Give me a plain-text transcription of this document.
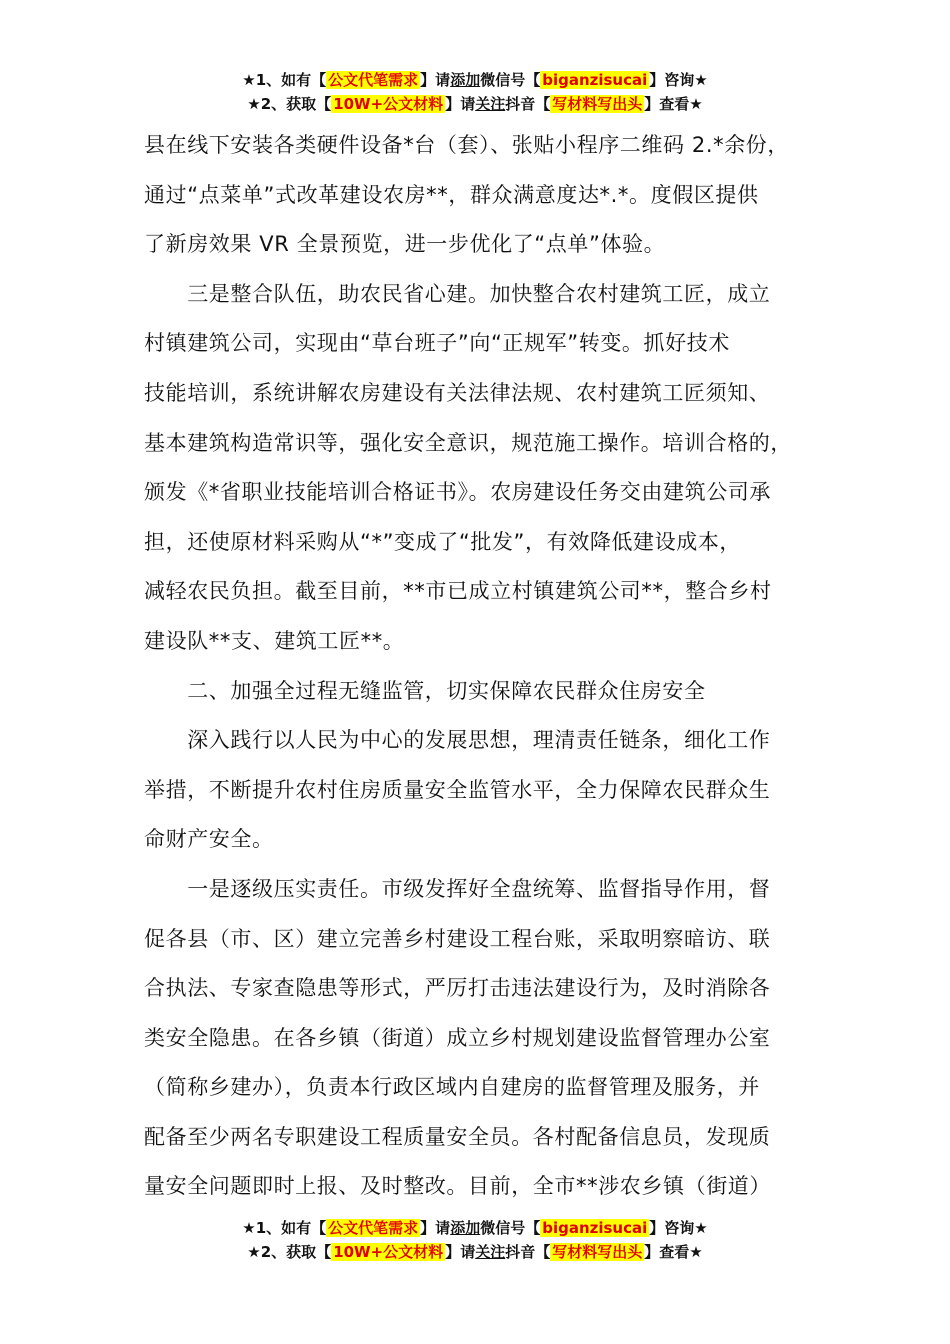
★1、如有【 公文代笔需求 】请添加微信号【 biganzisucai 】咨询★
★2、获取【 10W+公文材料 】请关注抖音【 写材料写出头 】查看★

县在线下安装各类硬件设备*台（套）、张贴小程序二维码 2.*余份，

通过“点菜单”式改革建设农房**，群众满意度达*.*。度假区提供

了新房效果 VR 全景预览，进一步优化了“点单”体验。

　　三是整合队伍，助农民省心建。加快整合农村建筑工匠，成立

村镇建筑公司，实现由“草台班子”向“正规军”转变。抓好技术

技能培训，系统讲解农房建设有关法律法规、农村建筑工匠须知、

基本建筑构造常识等，强化安全意识，规范施工操作。培训合格的，

颁发《*省职业技能培训合格证书》。农房建设任务交由建筑公司承

担，还使原材料采购从“*”变成了“批发”，有效降低建设成本，

减轻农民负担。截至目前，**市已成立村镇建筑公司**，整合乡村

建设队**支、建筑工匠**。

　　二、加强全过程无缝监管，切实保障农民群众住房安全

　　深入践行以人民为中心的发展思想，理清责任链条，细化工作

举措，不断提升农村住房质量安全监管水平，全力保障农民群众生

命财产安全。

　　一是逐级压实责任。市级发挥好全盘统筹、监督指导作用，督

促各县（市、区）建立完善乡村建设工程台账，采取明察暗访、联

合执法、专家查隐患等形式，严厉打击违法建设行为，及时消除各

类安全隐患。在各乡镇（街道）成立乡村规划建设监督管理办公室

（简称乡建办），负责本行政区域内自建房的监督管理及服务，并

配备至少两名专职建设工程质量安全员。各村配备信息员，发现质

量安全问题即时上报、及时整改。目前，全市**涉农乡镇（街道）

★1、如有【 公文代笔需求 】请添加微信号【 biganzisucai 】咨询★
★2、获取【 10W+公文材料 】请关注抖音【 写材料写出头 】查看★
